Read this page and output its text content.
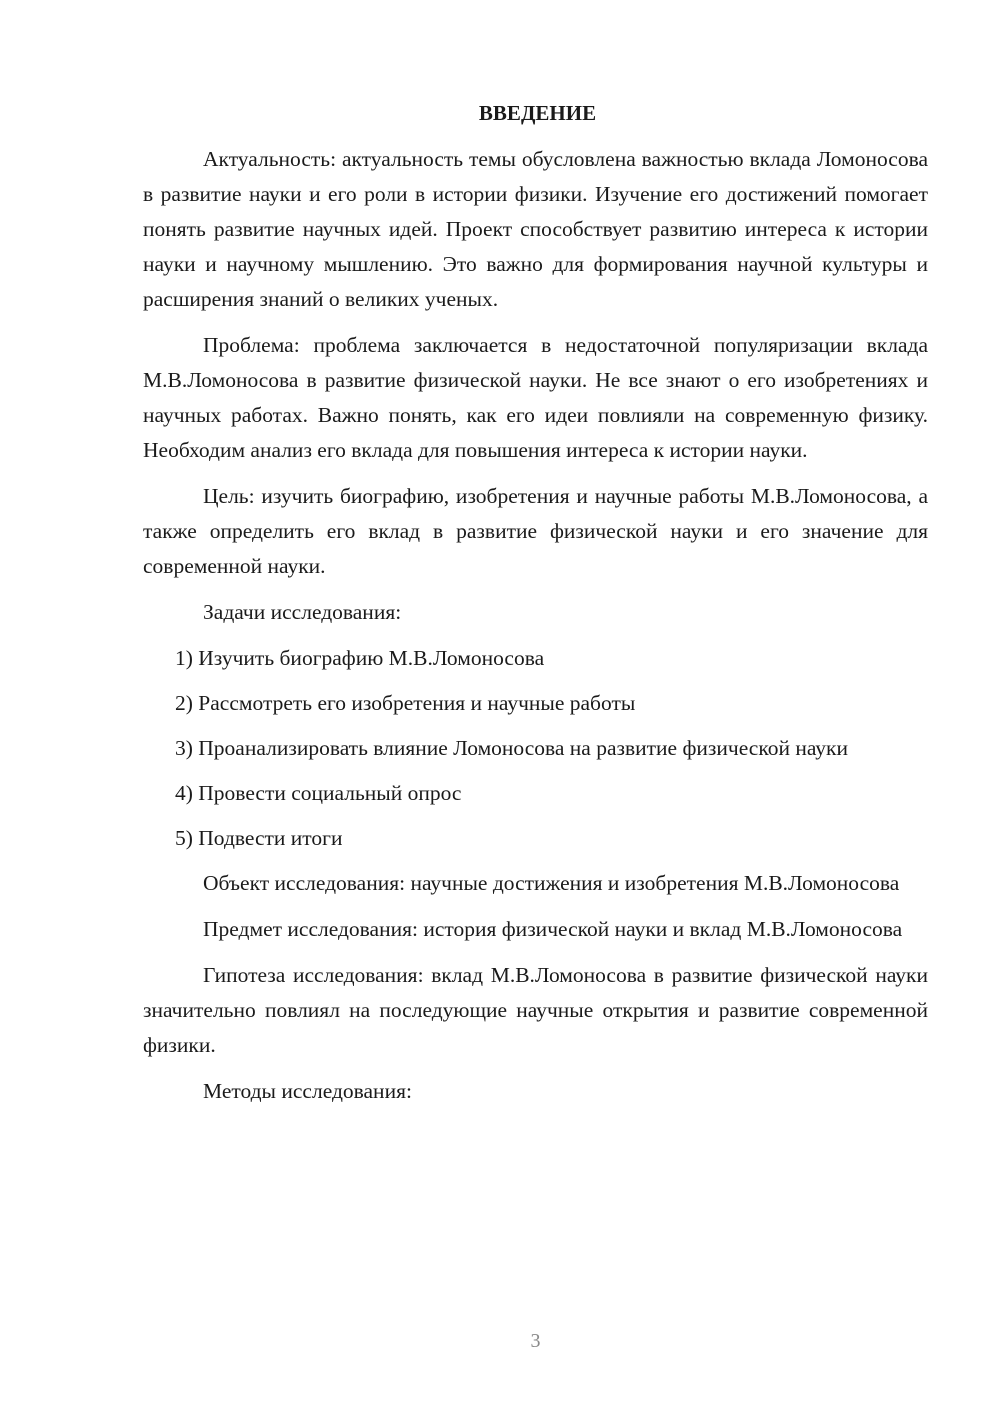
ВВЕДЕНИЕ

Актуальность: актуальность темы обусловлена важностью вклада Ломоносова в развитие науки и его роли в истории физики. Изучение его достижений помогает понять развитие научных идей. Проект способствует развитию интереса к истории науки и научному мышлению. Это важно для формирования научной культуры и расширения знаний о великих ученых.

Проблема: проблема заключается в недостаточной популяризации вклада М.В.Ломоносова в развитие физической науки. Не все знают о его изобретениях и научных работах. Важно понять, как его идеи повлияли на современную физику. Необходим анализ его вклада для повышения интереса к истории науки.

Цель: изучить биографию, изобретения и научные работы М.В.Ломоносова, а также определить его вклад в развитие физической науки и его значение для современной науки.

Задачи исследования:

1) Изучить биографию М.В.Ломоносова

2) Рассмотреть его изобретения и научные работы

3) Проанализировать влияние Ломоносова на развитие физической науки

4) Провести социальный опрос

5) Подвести итоги

Объект исследования: научные достижения и изобретения М.В.Ломоносова

Предмет исследования: история физической науки и вклад М.В.Ломоносова

Гипотеза исследования: вклад М.В.Ломоносова в развитие физической науки значительно повлиял на последующие научные открытия и развитие современной физики.

Методы исследования:

3
